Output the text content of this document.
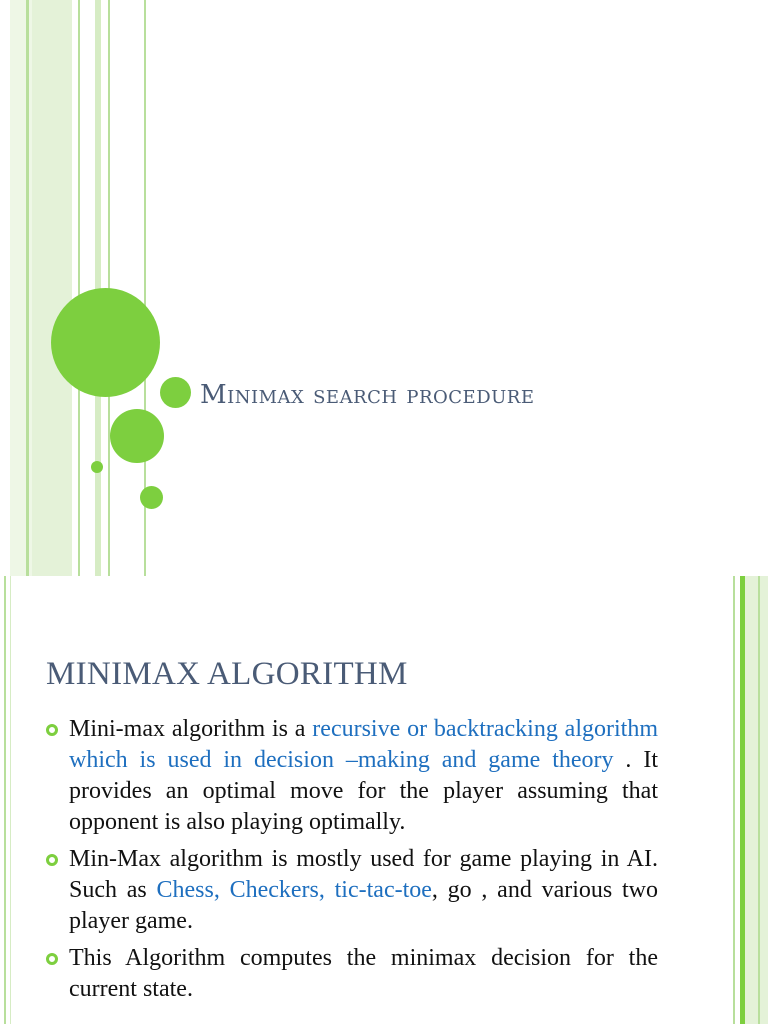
Minimax search procedure
MINIMAX ALGORITHM
Mini-max algorithm is a recursive or backtracking algorithm which is used in decision –making and game theory . It provides an optimal move for the player assuming that opponent is also playing optimally.
Min-Max algorithm is mostly used for game playing in AI. Such as Chess, Checkers, tic-tac-toe, go , and various two player game.
This Algorithm computes the minimax decision for the current state.
